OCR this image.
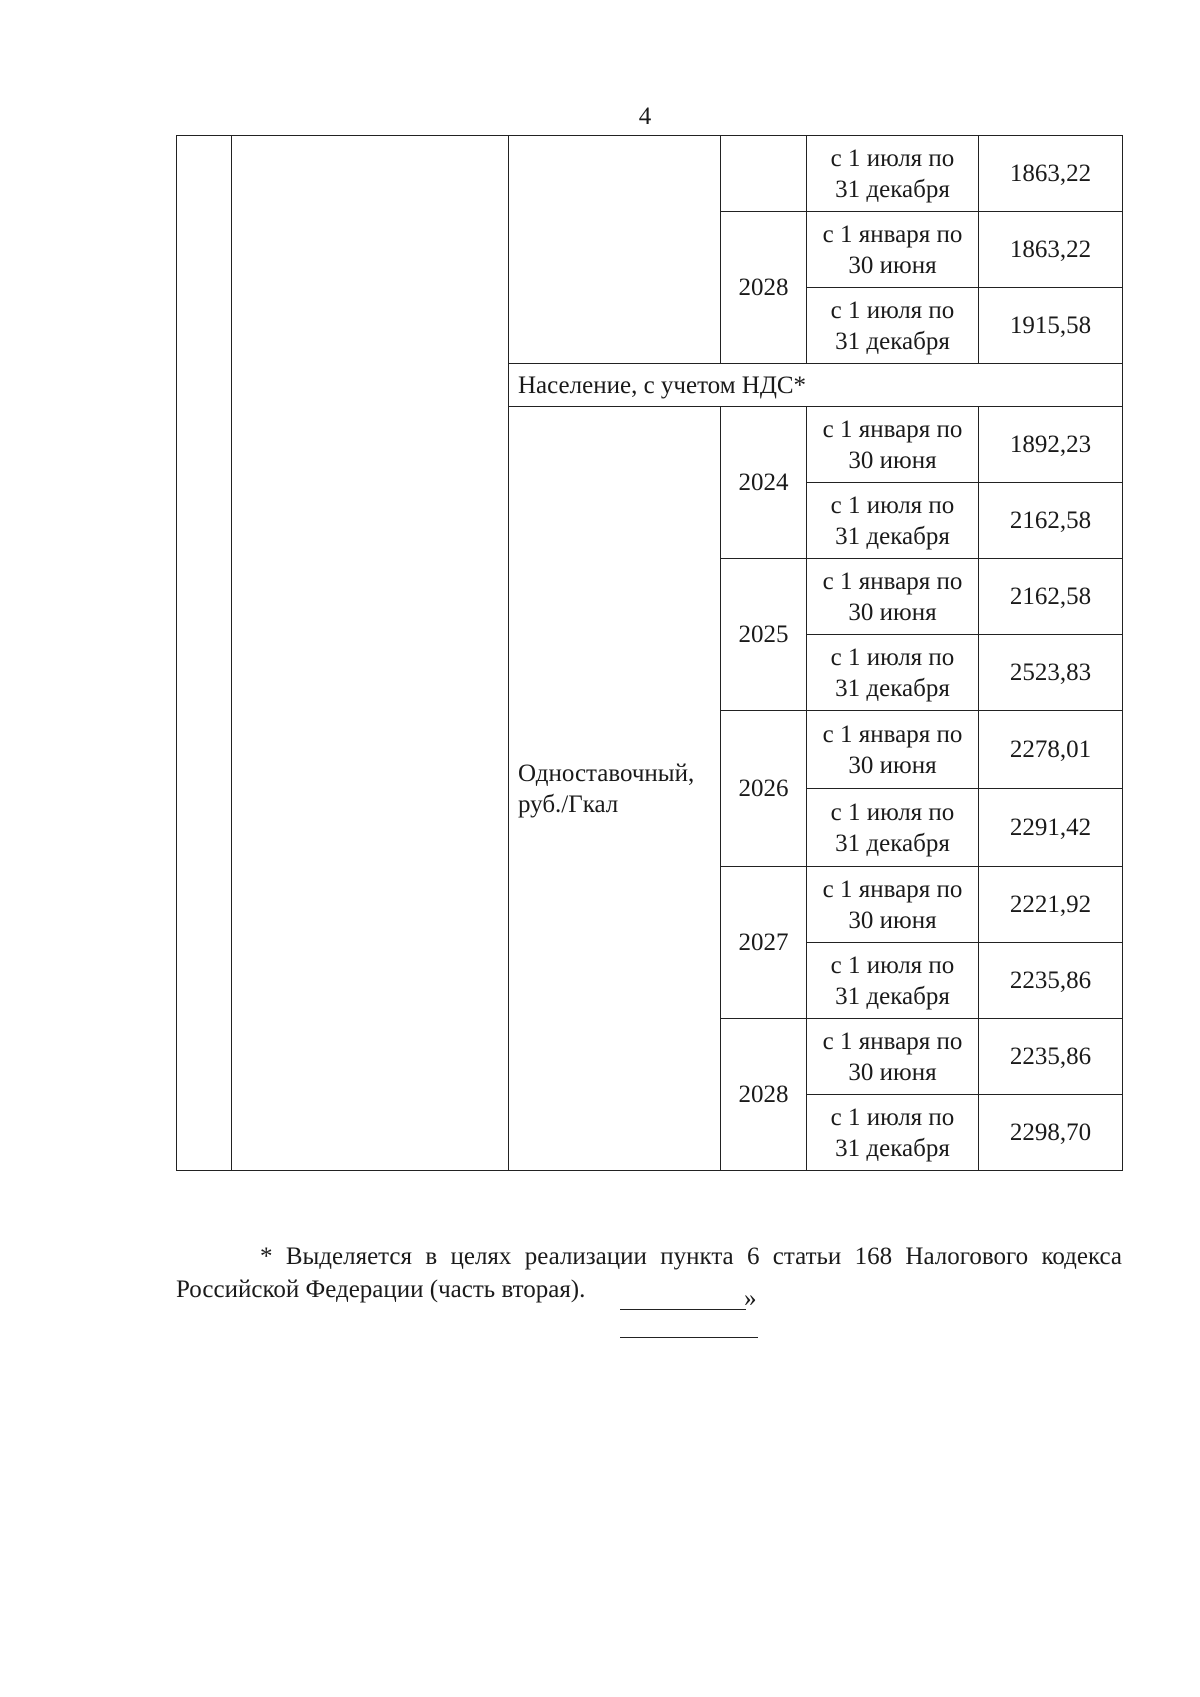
4
				с 1 июля по
31 декабря	1863,22
			2028	с 1 января по
30 июня	1863,22
				с 1 июля по
31 декабря	1915,58
		Население, с учетом НДС*			
		Одноставочный, руб./Гкал	2024	с 1 января по
30 июня	1892,23
				с 1 июля по
31 декабря	2162,58
			2025	с 1 января по
30 июня	2162,58
				с 1 июля по
31 декабря	2523,83
			2026	с 1 января по
30 июня	2278,01
				с 1 июля по
31 декабря	2291,42
			2027	с 1 января по
30 июня	2221,92
				с 1 июля по
31 декабря	2235,86
			2028	с 1 января по
30 июня	2235,86
				с 1 июля по
31 декабря	2298,70

* Выделяется в целях реализации пункта 6 статьи 168 Налогового кодекса Российской Федерации (часть вторая).	»
